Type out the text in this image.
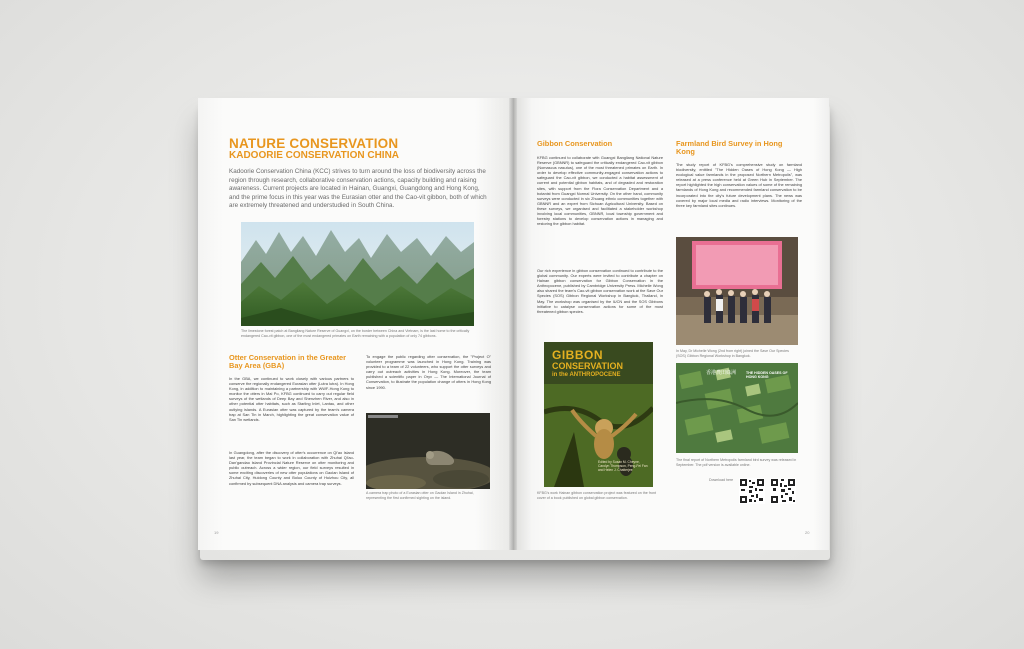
NATURE CONSERVATION
KADOORIE CONSERVATION CHINA
Kadoorie Conservation China (KCC) strives to turn around the loss of biodiversity across the region through research, collaborative conservation actions, capacity building and raising awareness. Current projects are located in Hainan, Guangxi, Guangdong and Hong Kong, and the prime focus in this year was the Eurasian otter and the Cao-vit gibbon, both of which are extremely threatened and understudied in South China.
The limestone forest patch at Bangliang Nature Reserve of Guangxi, on the border between China and Vietnam, is the last home to the critically endangered Cao-vit gibbon, one of the most endangered primates on Earth remaining with a population of only 74 gibbons.
Otter Conservation in the Greater Bay Area (GBA)
In the GBA, we continued to work closely with various partners to conserve the regionally endangered Eurasian otter (Lutra lutra). In Hong Kong, in addition to maintaining a partnership with WWF-Hong Kong to monitor the otters in Mai Po, KFBG continued to carry out regular field surveys of the wetlands of Deep Bay and Shenzhen River, and also in other potential otter habitats, such as Starling Inlet, Lantau, and other outlying islands. A Eurasian otter was captured by the team's camera trap at San Tin in March, highlighting the great conservation value of San Tin wetlands.
In Guangdong, after the discovery of otter's occurrence on Qi'ao Island last year, the team began to work in collaboration with Zhuhai Qi'ao-Dan'gandao Island Provincial Nature Reserve on otter monitoring and public outreach. Across a wider region, our field surveys resulted in some exciting discoveries of new otter populations on Gaolan Island of Zhuhai City, Huidong County and Boluo County of Huizhou City, all confirmed by subsequent DNA analysis and camera trap surveys.
To engage the public regarding otter conservation, the "Project O" volunteer programme was launched in Hong Kong. Training was provided to a team of 22 volunteers, who support the otter surveys and carry out outreach activities in Hong Kong. Moreover, the team published a scientific paper in Oryx — The International Journal of Conservation, to illustrate the population change of otters in Hong Kong since 1990.
A camera trap photo of a Eurasian otter on Gaolan Island in Zhuhai, representing the first confirmed sighting on the island.
19
Gibbon Conservation
KFBG continued to collaborate with Guangxi Bangliang National Nature Reserve (GBNNR) to safeguard the critically endangered Cao-vit gibbon (Nomascus nasutus), one of the most threatened primates on Earth. In order to develop effective community-engaged conservation actions to safeguard the Cao-vit gibbon, we conducted a habitat assessment of current and potential gibbon habitats, and of degraded and restoration sites, with support from the Flora Conservation Department and a botanist from Guangxi Normal University. On the other hand, community surveys were conducted in six Zhuang ethnic communities together with GBNNR and an expert from Sichuan Agricultural University. Based on these surveys, we organised and facilitated a stakeholder workshop involving local communities, GBNNR, local township government and forestry stations to develop conservation actions in managing and restoring the gibbon habitat.
Our rich experience in gibbon conservation continued to contribute to the global community. Our experts were invited to contribute a chapter on Hainan gibbon conservation for Gibbon Conservation in the Anthropocene, published by Cambridge University Press. Michelle Wong also shared the team's Cao-vit gibbon conservation work at the Save Our Species (SOS) Gibbon Regional Workshop in Bangkok, Thailand, in May. The workshop was organised by the IUCN and the SOS Gibbons initiative to catalyse conservation actions for some of the most threatened gibbon species.
GIBBON
CONSERVATION
in the ANTHROPOCENE
Edited by Susan M. Cheyne, Carolyn Thompson, Peng-Fei Fan and Helen J. Chatterjee
KFBG's work Hainan gibbon conservation project was featured on the front cover of a book published on global gibbon conservation.
Farmland Bird Survey in Hong Kong
The study report of KFBG's comprehensive study on farmland biodiversity, entitled "The Hidden Oases of Hong Kong — High ecological value farmlands in the proposed Northern Metropolis", was released at a press conference held at Green Hub in September. The report highlighted the high conservation values of some of the remaining farmlands of Hong Kong and recommended farmland conservation to be incorporated into the city's future development plans. The news was covered by major local media and radio interviews. Monitoring of the three key farmland sites continues.
In May, Dr Michelle Wong (2nd from right) joined the Save Our Species (SOS) Gibbon Regional Workshop in Bangkok.
香港農田綠洲	THE HIDDEN OASES OF HONG KONG
The final report of Northern Metropolis farmland bird survey was released in September. The pdf version is available online.
Download here
20
